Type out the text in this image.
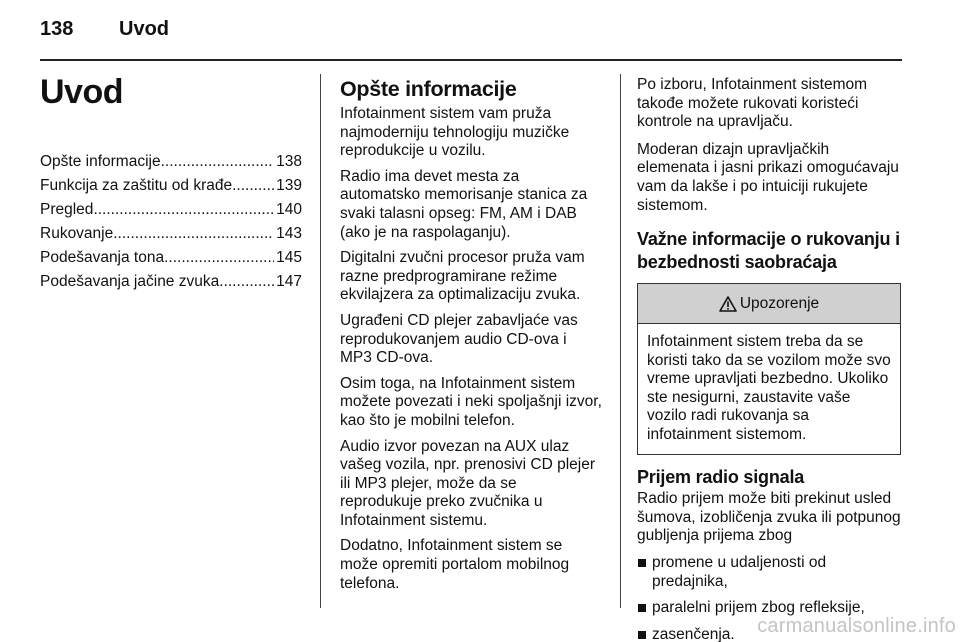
138 Uvod
Uvod
Opšte informacije .....	138
Funkcija za zaštitu od krađe .....	139
Pregled .....	140
Rukovanje .....	143
Podešavanja tona .....	145
Podešavanja jačine zvuka .....	147
Opšte informacije

Infotainment sistem vam pruža najmoderniju tehnologiju muzičke reprodukcije u vozilu.

Radio ima devet mesta za automatsko memorisanje stanica za svaki talasni opseg: FM, AM i DAB (ako je na raspolaganju).

Digitalni zvučni procesor pruža vam razne predprogramirane režime ekvilajzera za optimalizaciju zvuka.

Ugrađeni CD plejer zabavljaće vas reprodukovanjem audio CD-ova i MP3 CD-ova.

Osim toga, na Infotainment sistem možete povezati i neki spoljašnji izvor, kao što je mobilni telefon.

Audio izvor povezan na AUX ulaz vašeg vozila, npr. prenosivi CD plejer ili MP3 plejer, može da se reprodukuje preko zvučnika u Infotainment sistemu.

Dodatno, Infotainment sistem se može opremiti portalom mobilnog telefona.

Po izboru, Infotainment sistemom takođe možete rukovati koristeći kontrole na upravljaču.

Moderan dizajn upravljačkih elemenata i jasni prikazi omogućavaju vam da lakše i po intuiciji rukujete sistemom.

Važne informacije o rukovanju i bezbednosti saobraćaja
Upozorenje
Infotainment sistem treba da se koristi tako da se vozilom može svo vreme upravljati bezbedno. Ukoliko ste nesigurni, zaustavite vaše vozilo radi rukovanja sa infotainment sistemom.
Prijem radio signala

Radio prijem može biti prekinut usled šumova, izobličenja zvuka ili potpunog gubljenja prijema zbog

promene u udaljenosti od predajnika,
paralelni prijem zbog refleksije,
zasenčenja.	carmanualsonline.info
